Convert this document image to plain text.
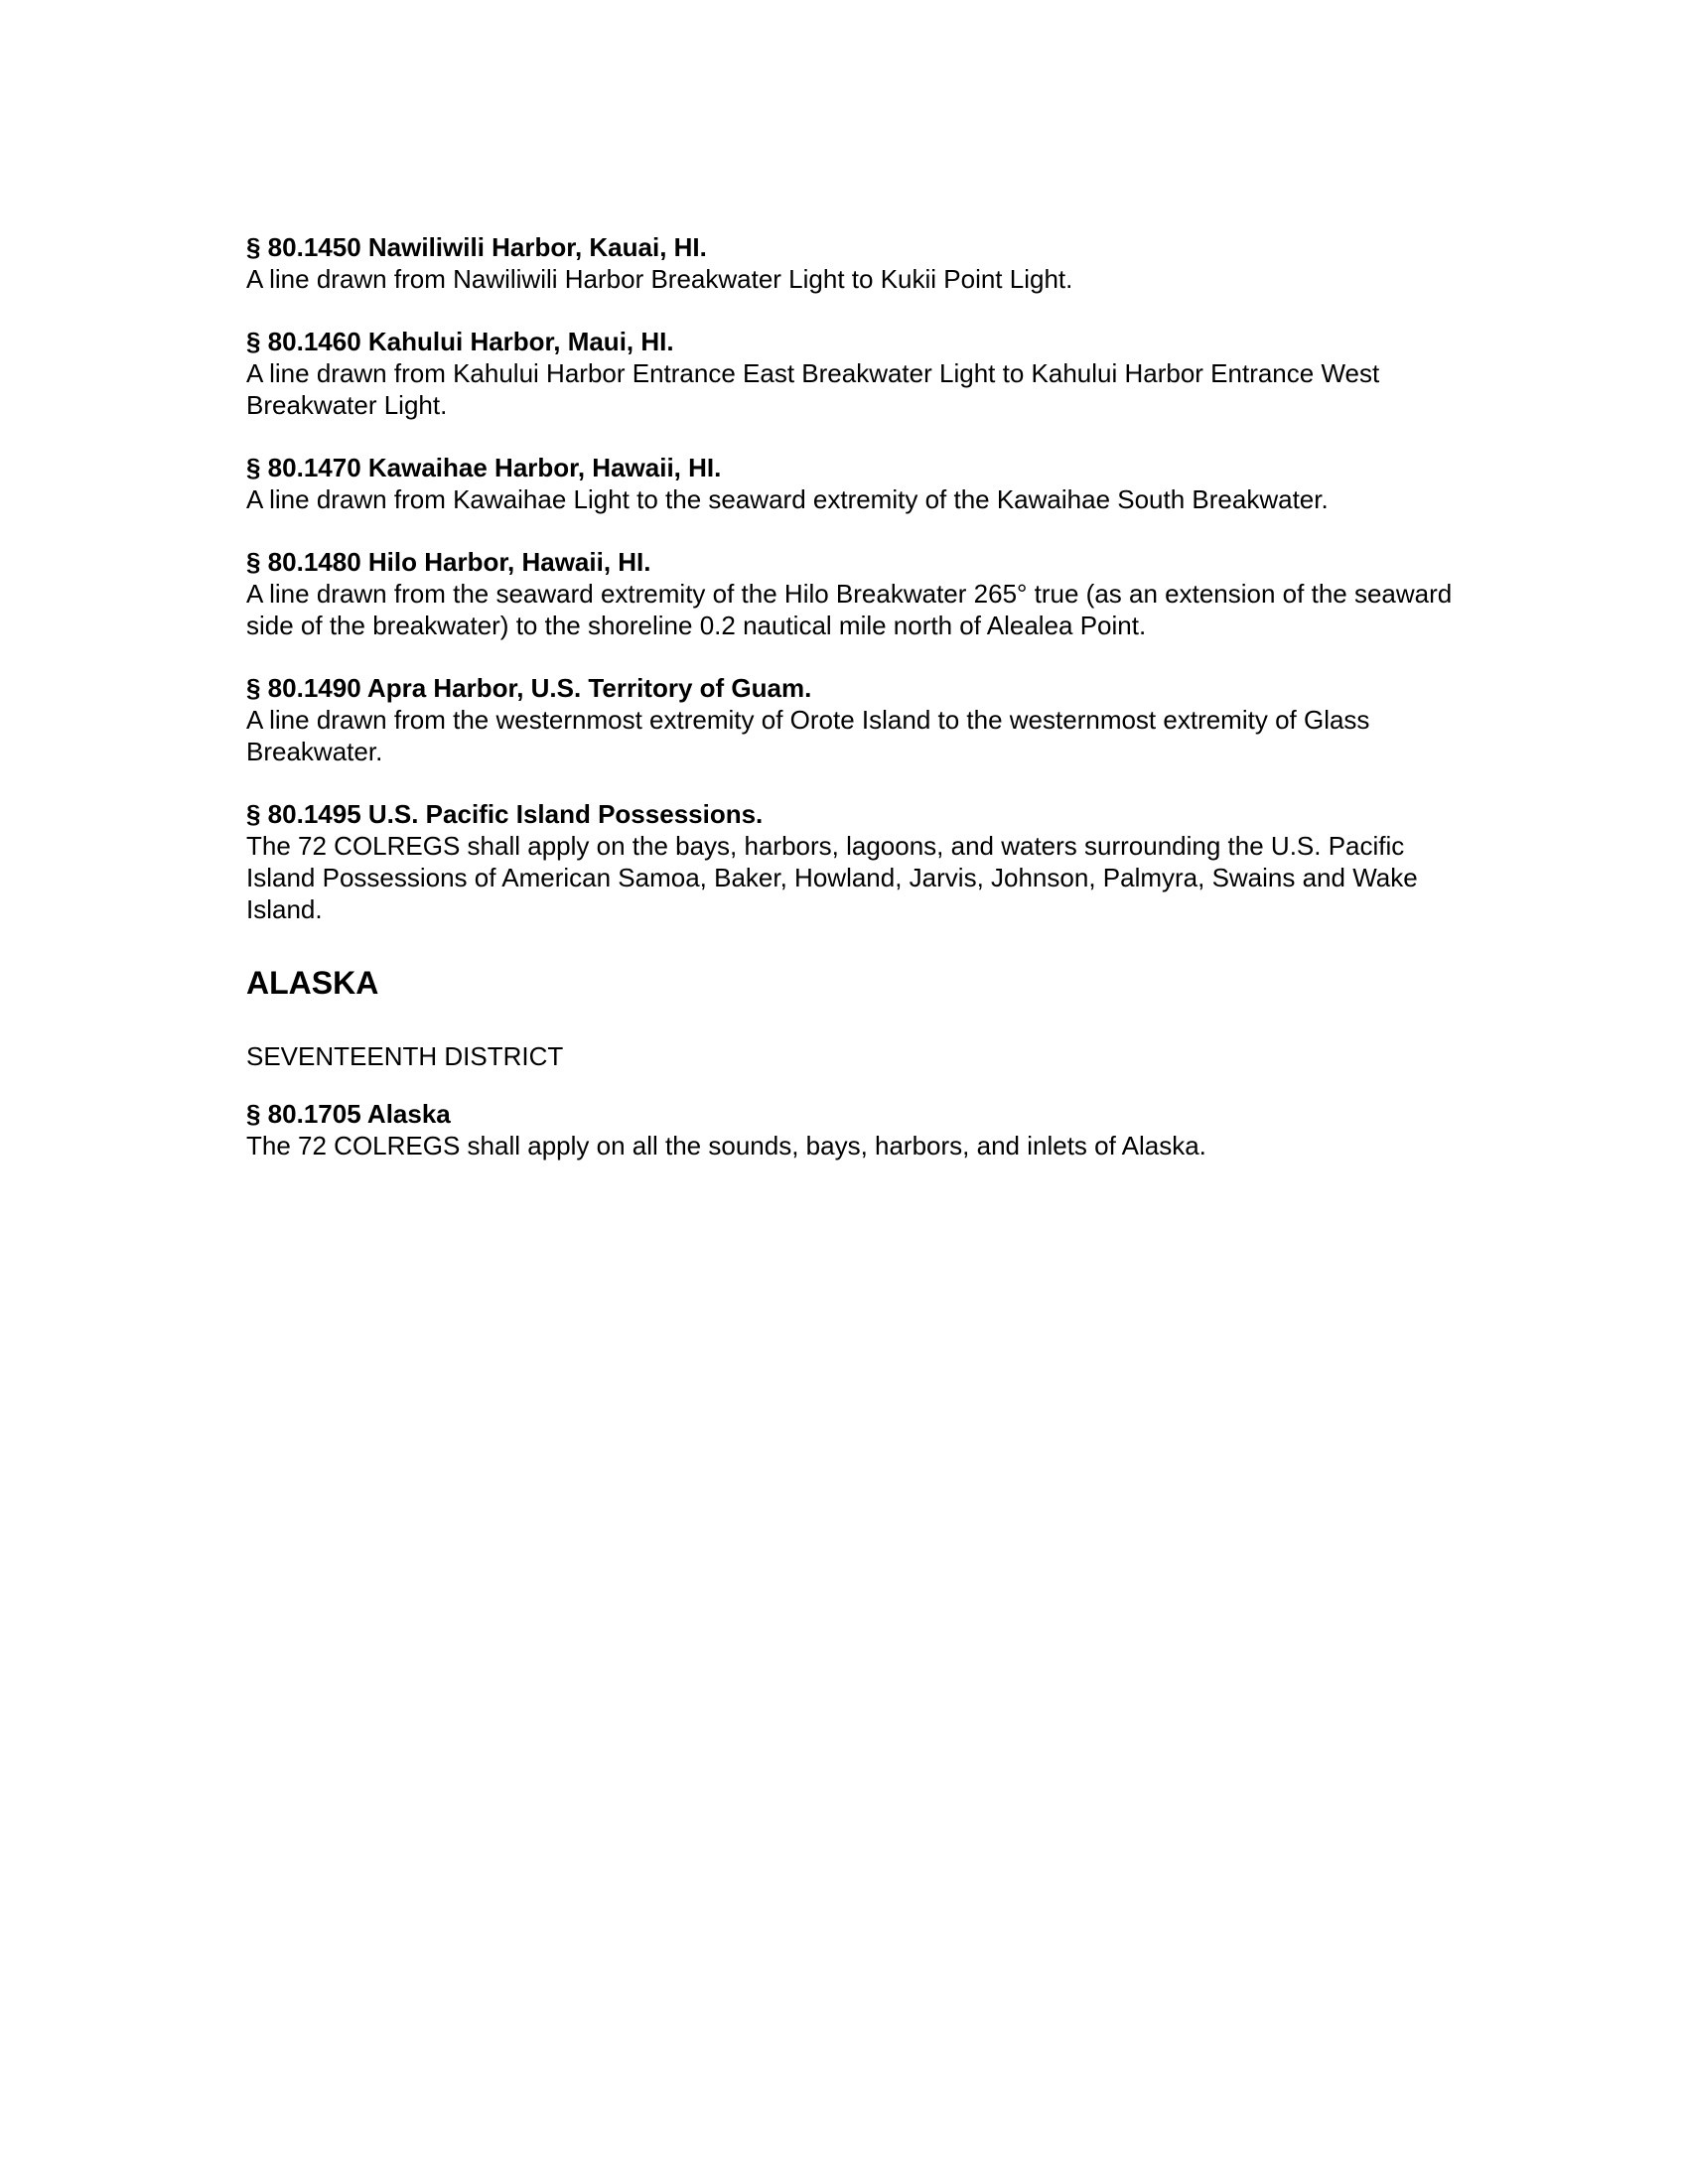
§ 80.1450 Nawiliwili Harbor, Kauai, HI.

A line drawn from Nawiliwili Harbor Breakwater Light to Kukii Point Light.

§ 80.1460 Kahului Harbor, Maui, HI.

A line drawn from Kahului Harbor Entrance East Breakwater Light to Kahului Harbor Entrance West Breakwater Light.

§ 80.1470 Kawaihae Harbor, Hawaii, HI.

A line drawn from Kawaihae Light to the seaward extremity of the Kawaihae South Breakwater.

§ 80.1480 Hilo Harbor, Hawaii, HI.

A line drawn from the seaward extremity of the Hilo Breakwater 265° true (as an extension of the seaward side of the breakwater) to the shoreline 0.2 nautical mile north of Alealea Point.

§ 80.1490 Apra Harbor, U.S. Territory of Guam.

A line drawn from the westernmost extremity of Orote Island to the westernmost extremity of Glass Breakwater.

§ 80.1495 U.S. Pacific Island Possessions.

The 72 COLREGS shall apply on the bays, harbors, lagoons, and waters surrounding the U.S. Pacific Island Possessions of American Samoa, Baker, Howland, Jarvis, Johnson, Palmyra, Swains and Wake Island.

ALASKA

SEVENTEENTH DISTRICT

§ 80.1705 Alaska

The 72 COLREGS shall apply on all the sounds, bays, harbors, and inlets of Alaska.
